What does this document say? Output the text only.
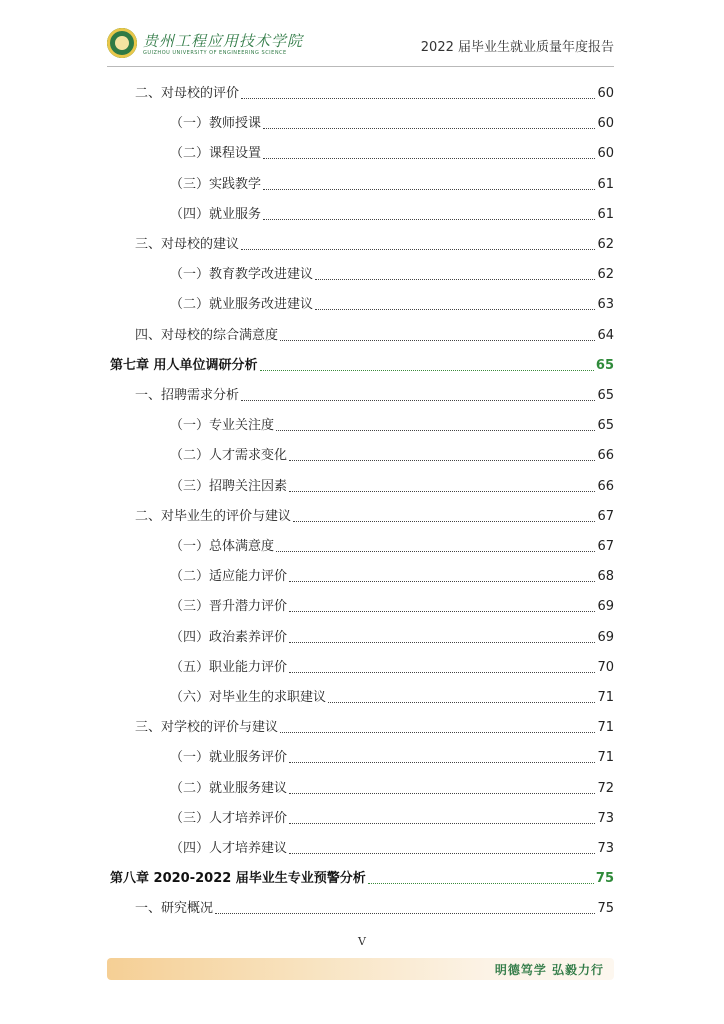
贵州工程应用技术学院
GUIZHOU UNIVERSITY OF ENGINEERING SCIENCE	2022 届毕业生就业质量年度报告
二、对母校的评价	60
（一）教师授课	60
（二）课程设置	60
（三）实践教学	61
（四）就业服务	61
三、对母校的建议	62
（一）教育教学改进建议	62
（二）就业服务改进建议	63
四、对母校的综合满意度	64
第七章 用人单位调研分析	65
一、招聘需求分析	65
（一）专业关注度	65
（二）人才需求变化	66
（三）招聘关注因素	66
二、对毕业生的评价与建议	67
（一）总体满意度	67
（二）适应能力评价	68
（三）晋升潜力评价	69
（四）政治素养评价	69
（五）职业能力评价	70
（六）对毕业生的求职建议	71
三、对学校的评价与建议	71
（一）就业服务评价	71
（二）就业服务建议	72
（三）人才培养评价	73
（四）人才培养建议	73
第八章 2020-2022 届毕业生专业预警分析	75
一、研究概况	75
V
明德笃学 弘毅力行
